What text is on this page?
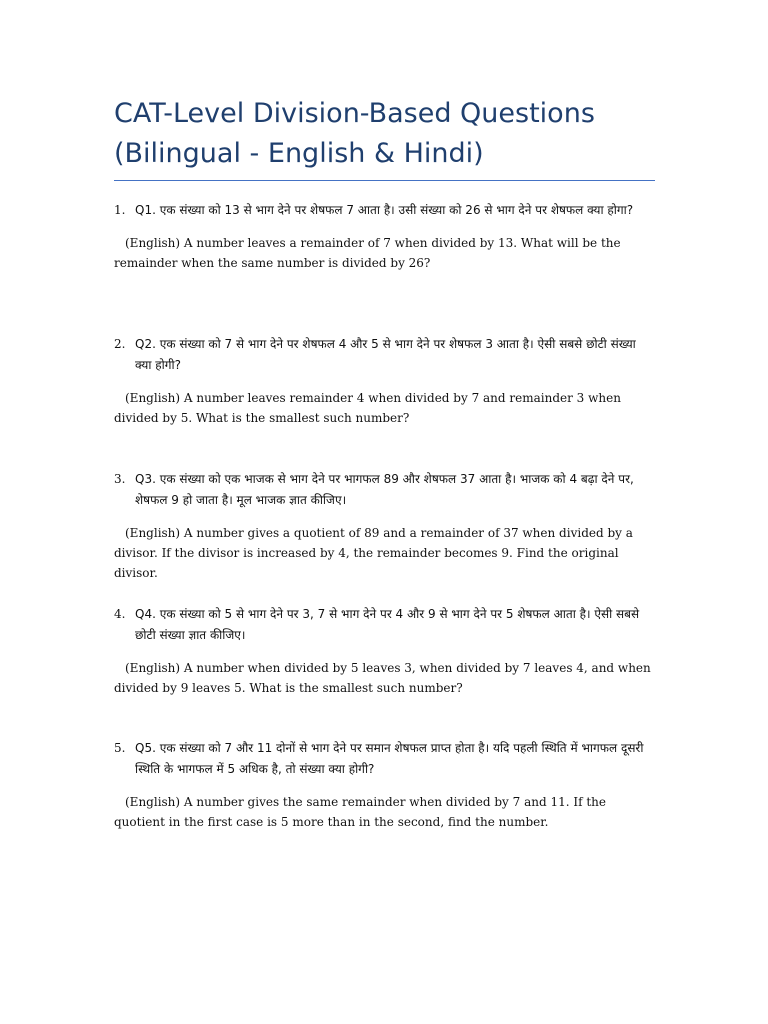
CAT-Level Division-Based Questions (Bilingual - English & Hindi)
1. Q1. एक संख्या को 13 से भाग देने पर शेषफल 7 आता है। उसी संख्या को 26 से भाग देने पर शेषफल क्या होगा?
(English) A number leaves a remainder of 7 when divided by 13. What will be the remainder when the same number is divided by 26?
2. Q2. एक संख्या को 7 से भाग देने पर शेषफल 4 और 5 से भाग देने पर शेषफल 3 आता है। ऐसी सबसे छोटी संख्या क्या होगी?
(English) A number leaves remainder 4 when divided by 7 and remainder 3 when divided by 5. What is the smallest such number?
3. Q3. एक संख्या को एक भाजक से भाग देने पर भागफल 89 और शेषफल 37 आता है। भाजक को 4 बढ़ा देने पर, शेषफल 9 हो जाता है। मूल भाजक ज्ञात कीजिए।
(English) A number gives a quotient of 89 and a remainder of 37 when divided by a divisor. If the divisor is increased by 4, the remainder becomes 9. Find the original divisor.
4. Q4. एक संख्या को 5 से भाग देने पर 3, 7 से भाग देने पर 4 और 9 से भाग देने पर 5 शेषफल आता है। ऐसी सबसे छोटी संख्या ज्ञात कीजिए।
(English) A number when divided by 5 leaves 3, when divided by 7 leaves 4, and when divided by 9 leaves 5. What is the smallest such number?
5. Q5. एक संख्या को 7 और 11 दोनों से भाग देने पर समान शेषफल प्राप्त होता है। यदि पहली स्थिति में भागफल दूसरी स्थिति के भागफल में 5 अधिक है, तो संख्या क्या होगी?
(English) A number gives the same remainder when divided by 7 and 11. If the quotient in the first case is 5 more than in the second, find the number.
